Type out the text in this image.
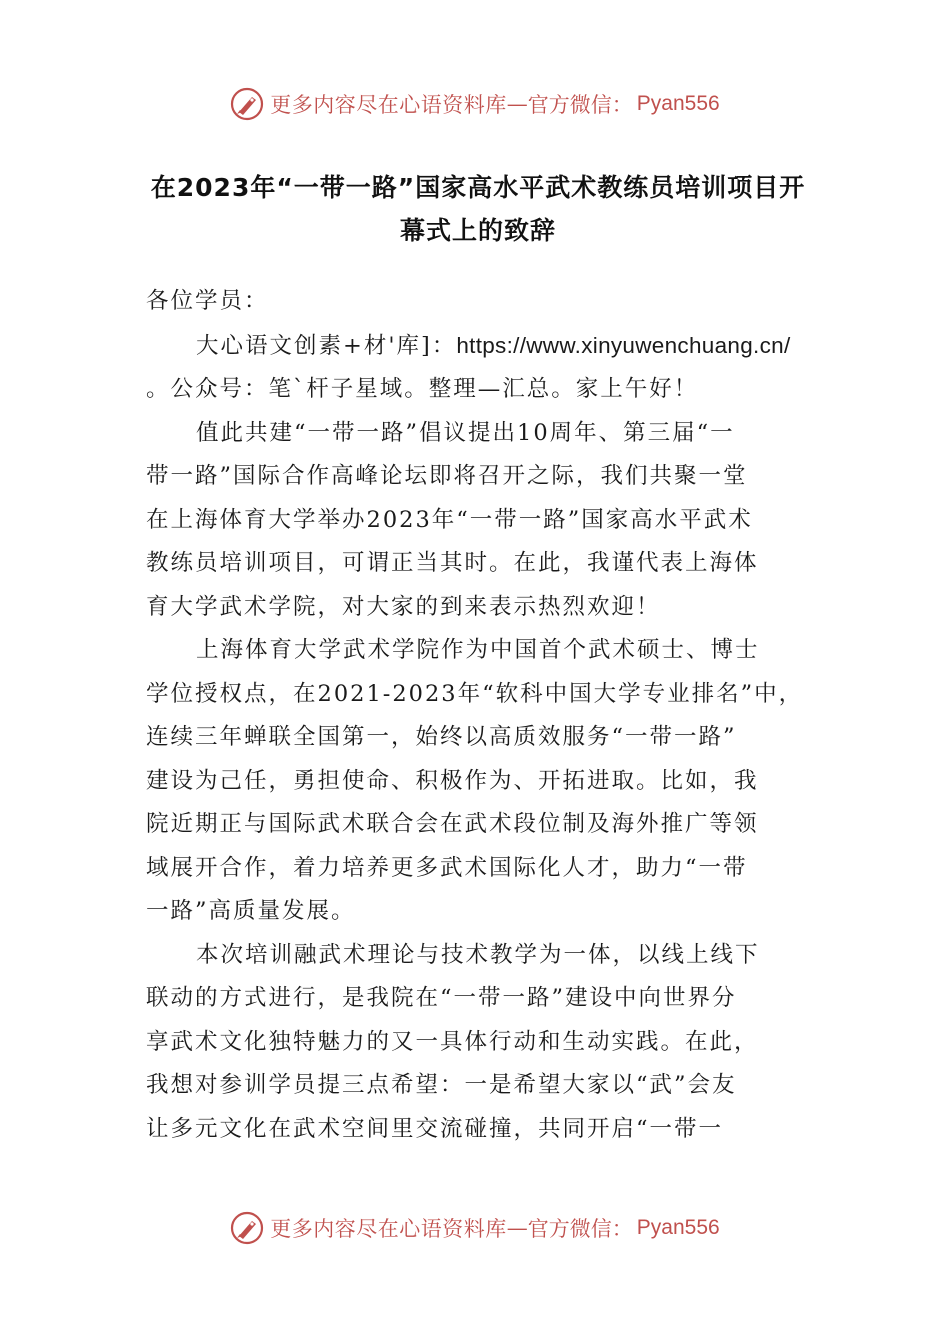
更多内容尽在心语资料库 — 官方微信： Pyan556
在2023年“一带一路”国家高水平武术教练员培训项目开
幕式上的致辞

各位学员：

大心语文创素+材'库]：https://www.xinyuwenchuang.cn/
。公众号：笔`杆子星域。整理—汇总。家上午好！

值此共建“一带一路”倡议提出10周年、第三届“一
带一路”国际合作高峰论坛即将召开之际，我们共聚一堂
在上海体育大学举办2023年“一带一路”国家高水平武术
教练员培训项目，可谓正当其时。在此，我谨代表上海体
育大学武术学院，对大家的到来表示热烈欢迎！

上海体育大学武术学院作为中国首个武术硕士、博士
学位授权点，在2021-2023年“软科中国大学专业排名”中，
连续三年蝉联全国第一，始终以高质效服务“一带一路”
建设为己任，勇担使命、积极作为、开拓进取。比如，我
院近期正与国际武术联合会在武术段位制及海外推广等领
域展开合作，着力培养更多武术国际化人才，助力“一带
一路”高质量发展。

本次培训融武术理论与技术教学为一体，以线上线下
联动的方式进行，是我院在“一带一路”建设中向世界分
享武术文化独特魅力的又一具体行动和生动实践。在此，
我想对参训学员提三点希望：一是希望大家以“武”会友
让多元文化在武术空间里交流碰撞，共同开启“一带一

更多内容尽在心语资料库 — 官方微信： Pyan556
